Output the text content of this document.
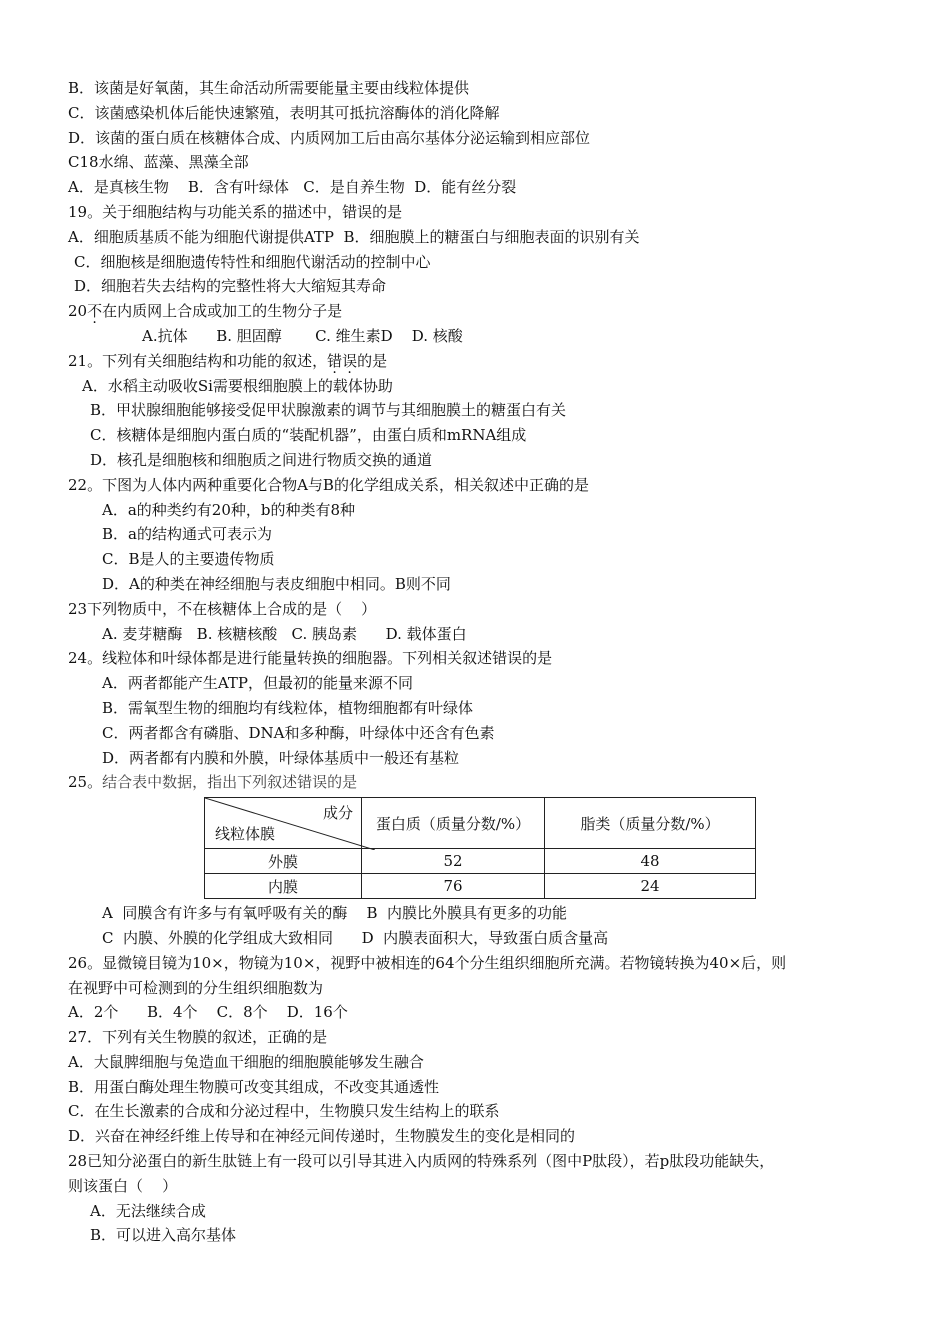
B．该菌是好氧菌，其生命活动所需要能量主要由线粒体提供
C．该菌感染机体后能快速繁殖，表明其可抵抗溶酶体的消化降解
D．该菌的蛋白质在核糖体合成、内质网加工后由高尔基体分泌运输到相应部位
C18水绵、蓝藻、黑藻全部
A．是真核生物    B．含有叶绿体   C．是自养生物  D．能有丝分裂
19。关于细胞结构与功能关系的描述中，错误的是
A．细胞质基质不能为细胞代谢提供ATP  B．细胞膜上的糖蛋白与细胞表面的识别有关
C．细胞核是细胞遗传特性和细胞代谢活动的控制中心
D．细胞若失去结构的完整性将大大缩短其寿命
20不在内质网上合成或加工的生物分子是
A.抗体      B. 胆固醇       C. 维生素D    D. 核酸
21。下列有关细胞结构和功能的叙述，错误的是
A．水稻主动吸收Si需要根细胞膜上的载体协助
B．甲状腺细胞能够接受促甲状腺激素的调节与其细胞膜土的糖蛋白有关
C．核糖体是细胞内蛋白质的“装配机器”，由蛋白质和mRNA组成
D．核孔是细胞核和细胞质之间进行物质交换的通道
22。下图为人体内两种重要化合物A与B的化学组成关系，相关叙述中正确的是
A．a的种类约有20种，b的种类有8种
B．a的结构通式可表示为
C．B是人的主要遗传物质
D．A的种类在神经细胞与表皮细胞中相同。B则不同
23下列物质中，不在核糖体上合成的是（    ）
A. 麦芽糖酶   B. 核糖核酸   C. 胰岛素      D. 载体蛋白
24。线粒体和叶绿体都是进行能量转换的细胞器。下列相关叙述错误的是
A．两者都能产生ATP，但最初的能量来源不同
B．需氧型生物的细胞均有线粒体，植物细胞都有叶绿体
C．两者都含有磷脂、DNA和多种酶，叶绿体中还含有色素
D．两者都有内膜和外膜，叶绿体基质中一般还有基粒
25。结合表中数据，指出下列叙述错误的是
成分
线粒体膜	蛋白质（质量分数/%）	脂类（质量分数/%）
外膜	52	48
内膜	76	24
A  同膜含有许多与有氧呼吸有关的酶    B  内膜比外膜具有更多的功能
C  内膜、外膜的化学组成大致相同      D  内膜表面积大，导致蛋白质含量高
26。显微镜目镜为10×，物镜为10×，视野中被相连的64个分生组织细胞所充满。若物镜转换为40×后，则
在视野中可检测到的分生组织细胞数为
A．2个      B．4个    C．8个    D．16个
27．下列有关生物膜的叙述，正确的是
A．大鼠脾细胞与兔造血干细胞的细胞膜能够发生融合
B．用蛋白酶处理生物膜可改变其组成，不改变其通透性
C．在生长激素的合成和分泌过程中，生物膜只发生结构上的联系
D．兴奋在神经纤维上传导和在神经元间传递时，生物膜发生的变化是相同的
28已知分泌蛋白的新生肽链上有一段可以引导其进入内质网的特殊系列（图中P肽段），若p肽段功能缺失，
则该蛋白（    ）
A．无法继续合成
B．可以进入高尔基体
